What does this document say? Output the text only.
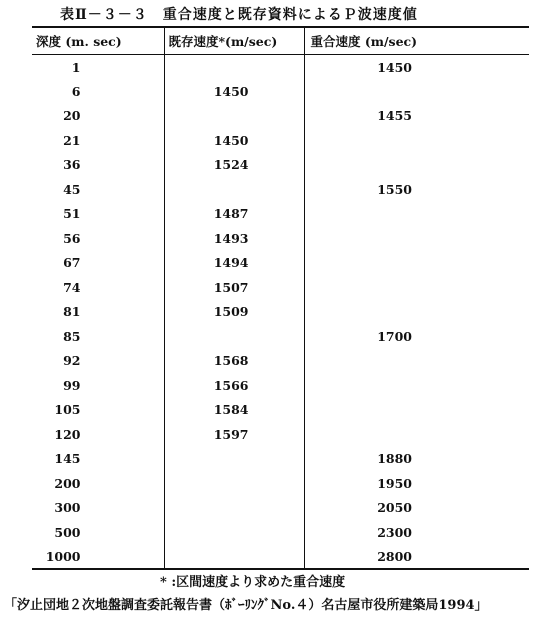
表Ⅱ－３－３　重合速度と既存資料によるＰ波速度値
深度 (m. sec)	既存速度*(m/sec)	重合速度 (m/sec)
1		1450
6	1450	
20		1455
21	1450	
36	1524	
45		1550
51	1487	
56	1493	
67	1494	
74	1507	
81	1509	
85		1700
92	1568	
99	1566	
105	1584	
120	1597	
145		1880
200		1950
300		2050
500		2300
1000		2800
* :区間速度より求めた重合速度
「汐止団地２次地盤調査委託報告書（ﾎﾞｰﾘﾝｸﾞNo.４）名古屋市役所建築局1994」
